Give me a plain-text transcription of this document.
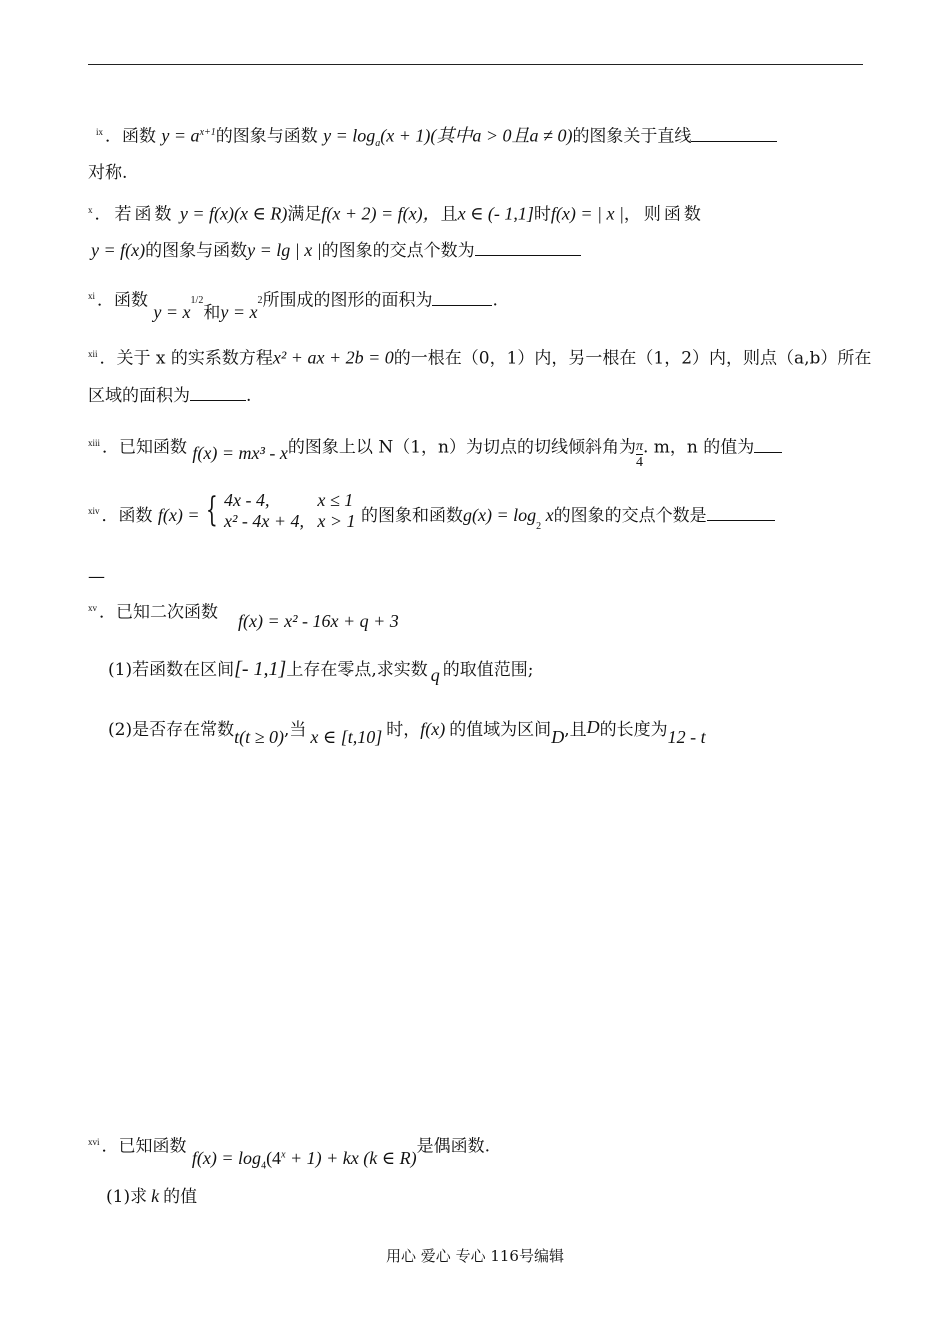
$^{ix}$ ．函数 $y = a^{x+1}$的图象与函数 $y = \log_a(x + 1)$(其中a > 0且a ≠ 0)的图象关于直线
对称.
$^x$ ．若函数 y = f(x)(x ∈ R)满足f(x + 2) = f(x)，且x ∈ (- 1,1]时f(x) = | x |，则函数
y = f(x)的图象与函数y = lg | x |的图象的交点个数为
$^{xi}$ ．函数 $y = x^{1/2}$和$y = x^2$所围成的图形的面积为	.
$^{xii}$ ．关于 x 的实系数方程x² + ax + 2b = 0的一根在（0，1）内，另一根在（1，2）内，则点（a,b）所在
区域的面积为	.
$^{xiii}$ ．已知函数 f(x) = mx³ - x的图象上以 N（1，n）为切点的切线倾斜角为 $\frac{\pi}{4}$ . m，n 的值为
$^{xiv}$ ．函数 f(x) = { 4x - 4,
x² - 4x + 4,

x ≤ 1
x > 1 的图象和函数$g(x) = \log_2 x$的图象的交点个数是
—
$^{xv}$ ．已知二次函数 f(x) = x² - 16x + q + 3
(1)若函数在区间[- 1,1]上存在零点,求实数 q 的取值范围;
(2)是否存在常数t(t ≥ 0),当 x ∈ [t,10] 时，f(x) 的值域为区间D,且D的长度为12 - t
$^{xvi}$ ．已知函数 $f(x) = \log_4(4^x + 1)$ + kx (k ∈ R)是偶函数.
(1)求 k 的值
用心 爱心 专心 116号编辑
